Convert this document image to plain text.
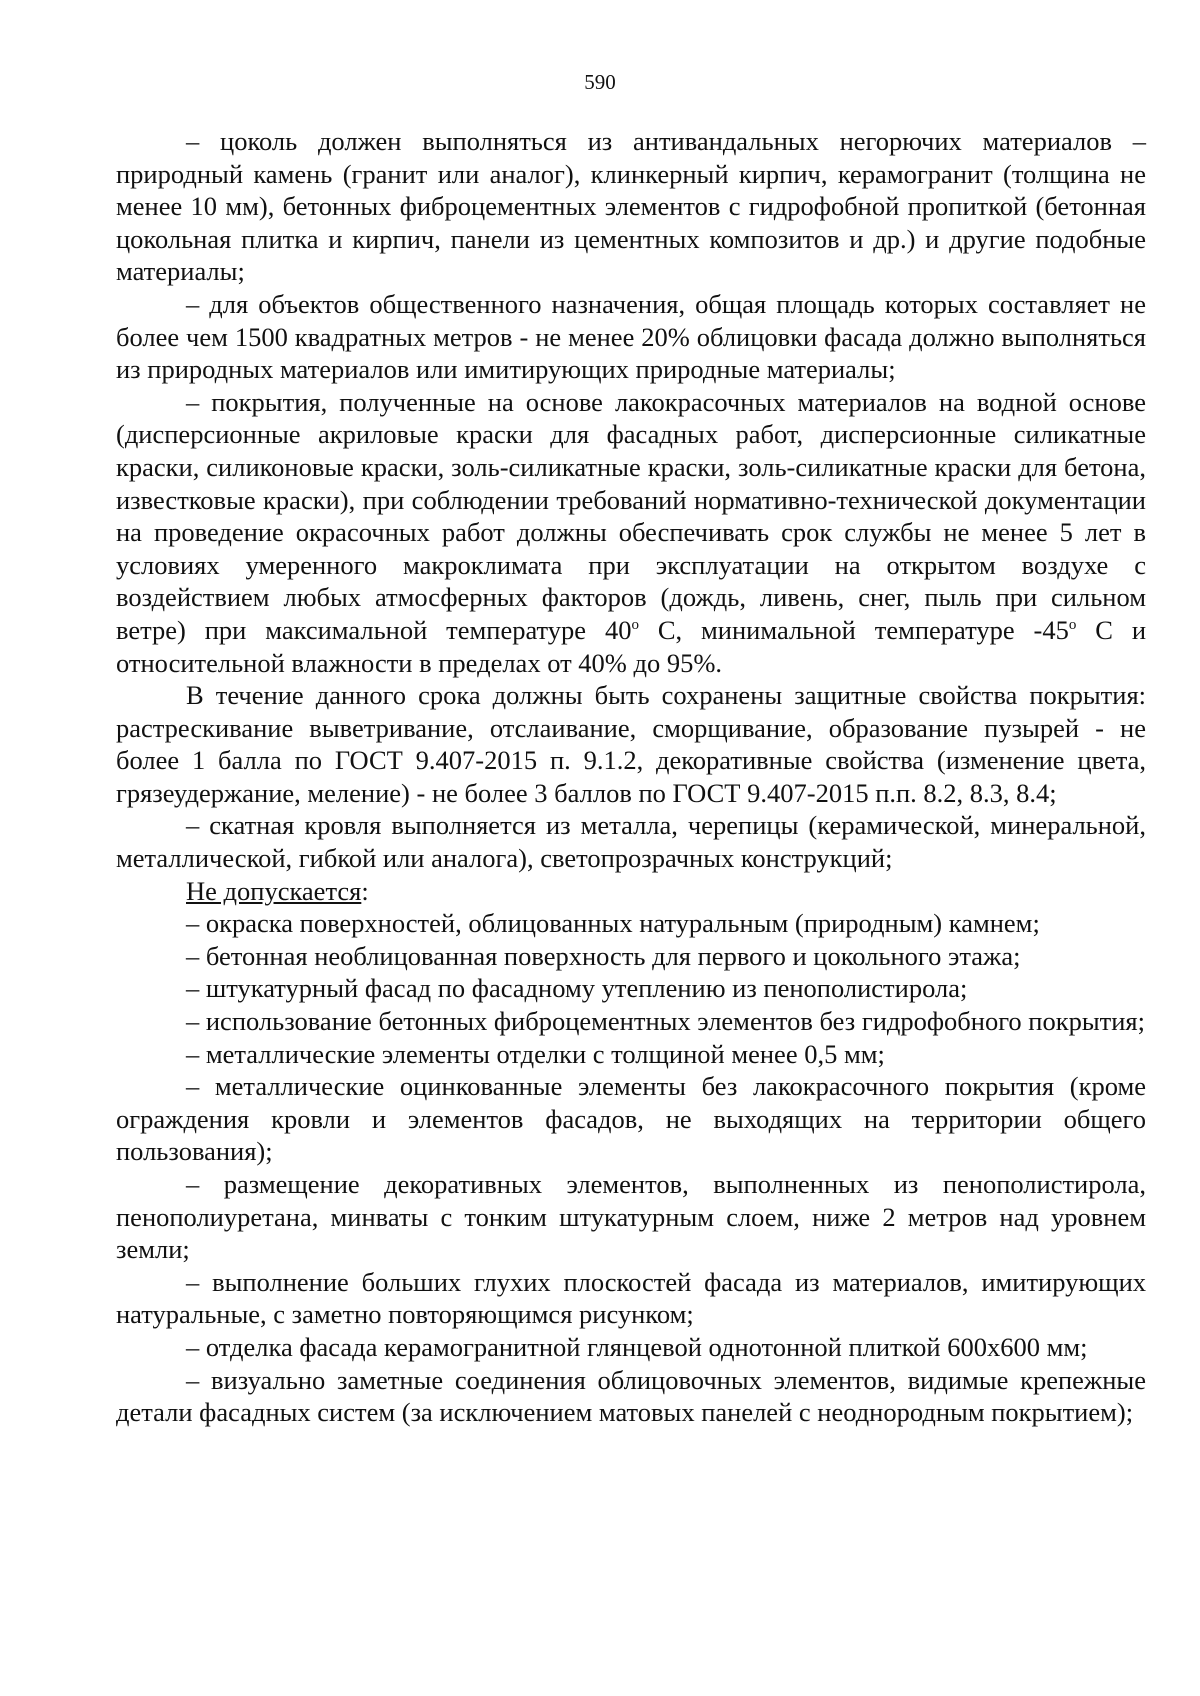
590

– цоколь должен выполняться из антивандальных негорючих материалов – природный камень (гранит или аналог), клинкерный кирпич, керамогранит (толщина не менее 10 мм), бетонных фиброцементных элементов с гидрофобной пропиткой (бетонная цокольная плитка и кирпич, панели из цементных композитов и др.) и другие подобные материалы;

– для объектов общественного назначения, общая площадь которых составляет не более чем 1500 квадратных метров - не менее 20% облицовки фасада должно выполняться из природных материалов или имитирующих природные материалы;

– покрытия, полученные на основе лакокрасочных материалов на водной основе (дисперсионные акриловые краски для фасадных работ, дисперсионные силикатные краски, силиконовые краски, золь-силикатные краски, золь-силикатные краски для бетона, известковые краски), при соблюдении требований нормативно-технической документации на проведение окрасочных работ должны обеспечивать срок службы не менее 5 лет в условиях умеренного макроклимата при эксплуатации на открытом воздухе с воздействием любых атмосферных факторов (дождь, ливень, снег, пыль при сильном ветре) при максимальной температуре $40^о$ С, минимальной температуре $-45^о$ С и относительной влажности в пределах от 40% до 95%.

В течение данного срока должны быть сохранены защитные свойства покрытия: растрескивание выветривание, отслаивание, сморщивание, образование пузырей - не более 1 балла по ГОСТ 9.407-2015 п. 9.1.2, декоративные свойства (изменение цвета, грязеудержание, меление) - не более 3 баллов по ГОСТ 9.407-2015 п.п. 8.2, 8.3, 8.4;

– скатная кровля выполняется из металла, черепицы (керамической, минеральной, металлической, гибкой или аналога), светопрозрачных конструкций;

Не допускается:

– окраска поверхностей, облицованных натуральным (природным) камнем;

– бетонная необлицованная поверхность для первого и цокольного этажа;

– штукатурный фасад по фасадному утеплению из пенополистирола;

– использование бетонных фиброцементных элементов без гидрофобного покрытия;

– металлические элементы отделки с толщиной менее 0,5 мм;

– металлические оцинкованные элементы без лакокрасочного покрытия (кроме ограждения кровли и элементов фасадов, не выходящих на территории общего пользования);

– размещение декоративных элементов, выполненных из пенополистирола, пенополиуретана, минваты с тонким штукатурным слоем, ниже 2 метров над уровнем земли;

– выполнение больших глухих плоскостей фасада из материалов, имитирующих натуральные, с заметно повторяющимся рисунком;

– отделка фасада керамогранитной глянцевой однотонной плиткой 600х600 мм;

– визуально заметные соединения облицовочных элементов, видимые крепежные детали фасадных систем (за исключением матовых панелей с неоднородным покрытием);
